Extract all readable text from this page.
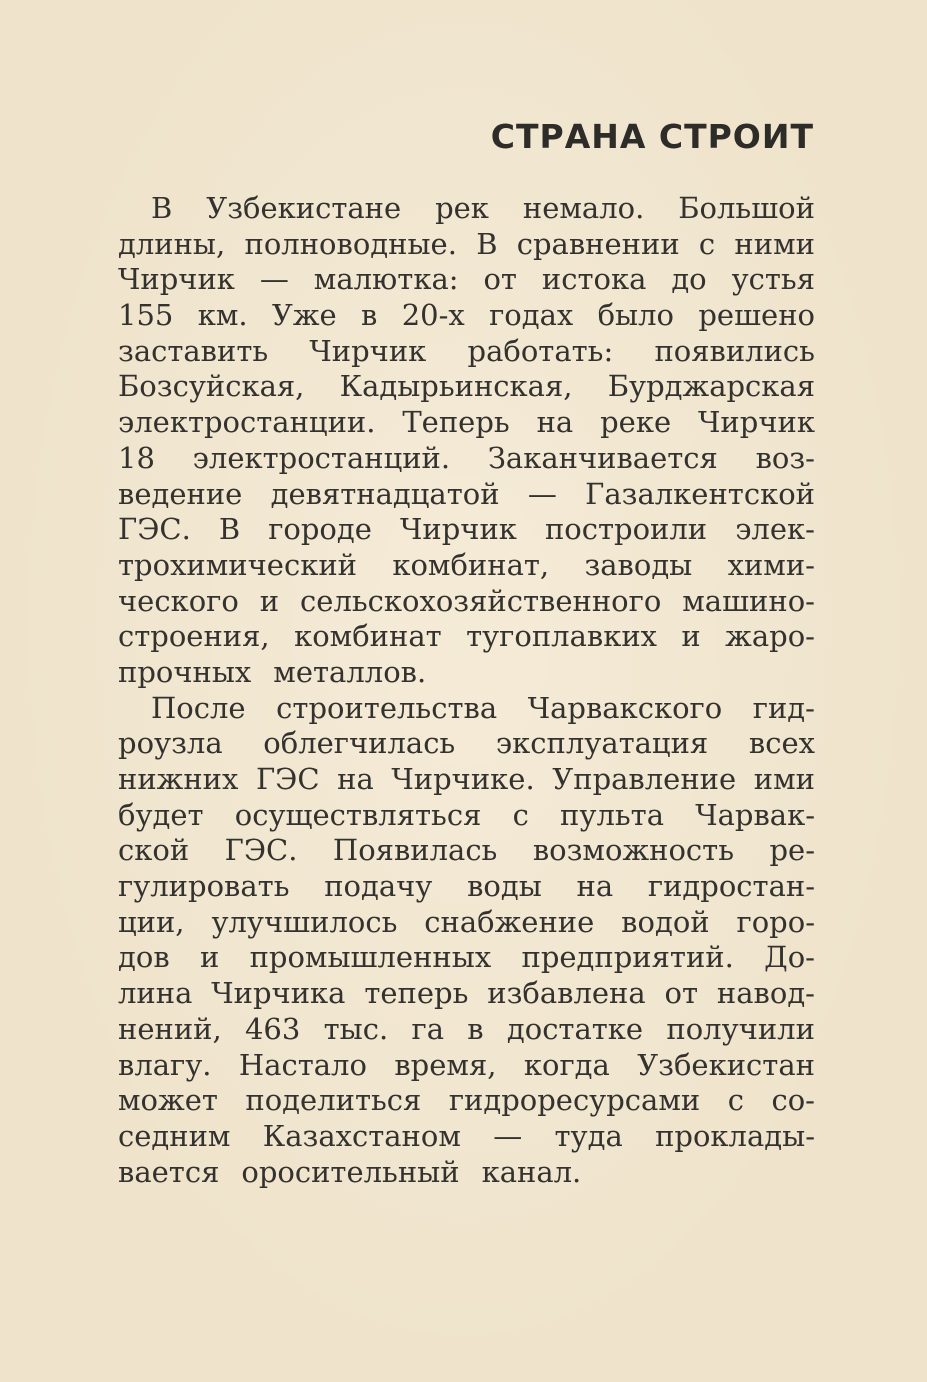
СТРАНА СТРОИТ
В Узбекистане рек немало. Большой
длины, полноводные. В сравнении с ними
Чирчик — малютка: от истока до устья
155 км. Уже в 20-х годах было решено
заставить Чирчик работать: появились
Бозсуйская, Кадырьинская, Бурджарская
электростанции. Теперь на реке Чирчик
18 электростанций. Заканчивается воз-
ведение девятнадцатой — Газалкентской
ГЭС. В городе Чирчик построили элек-
трохимический комбинат, заводы хими-
ческого и сельскохозяйственного машино-
строения, комбинат тугоплавких и жаро-
прочных металлов.
После строительства Чарвакского гид-
роузла облегчилась эксплуатация всех
нижних ГЭС на Чирчике. Управление ими
будет осуществляться с пульта Чарвак-
ской ГЭС. Появилась возможность ре-
гулировать подачу воды на гидростан-
ции, улучшилось снабжение водой горо-
дов и промышленных предприятий. До-
лина Чирчика теперь избавлена от навод-
нений, 463 тыс. га в достатке получили
влагу. Настало время, когда Узбекистан
может поделиться гидроресурсами с со-
седним Казахстаном — туда проклады-
вается оросительный канал.
